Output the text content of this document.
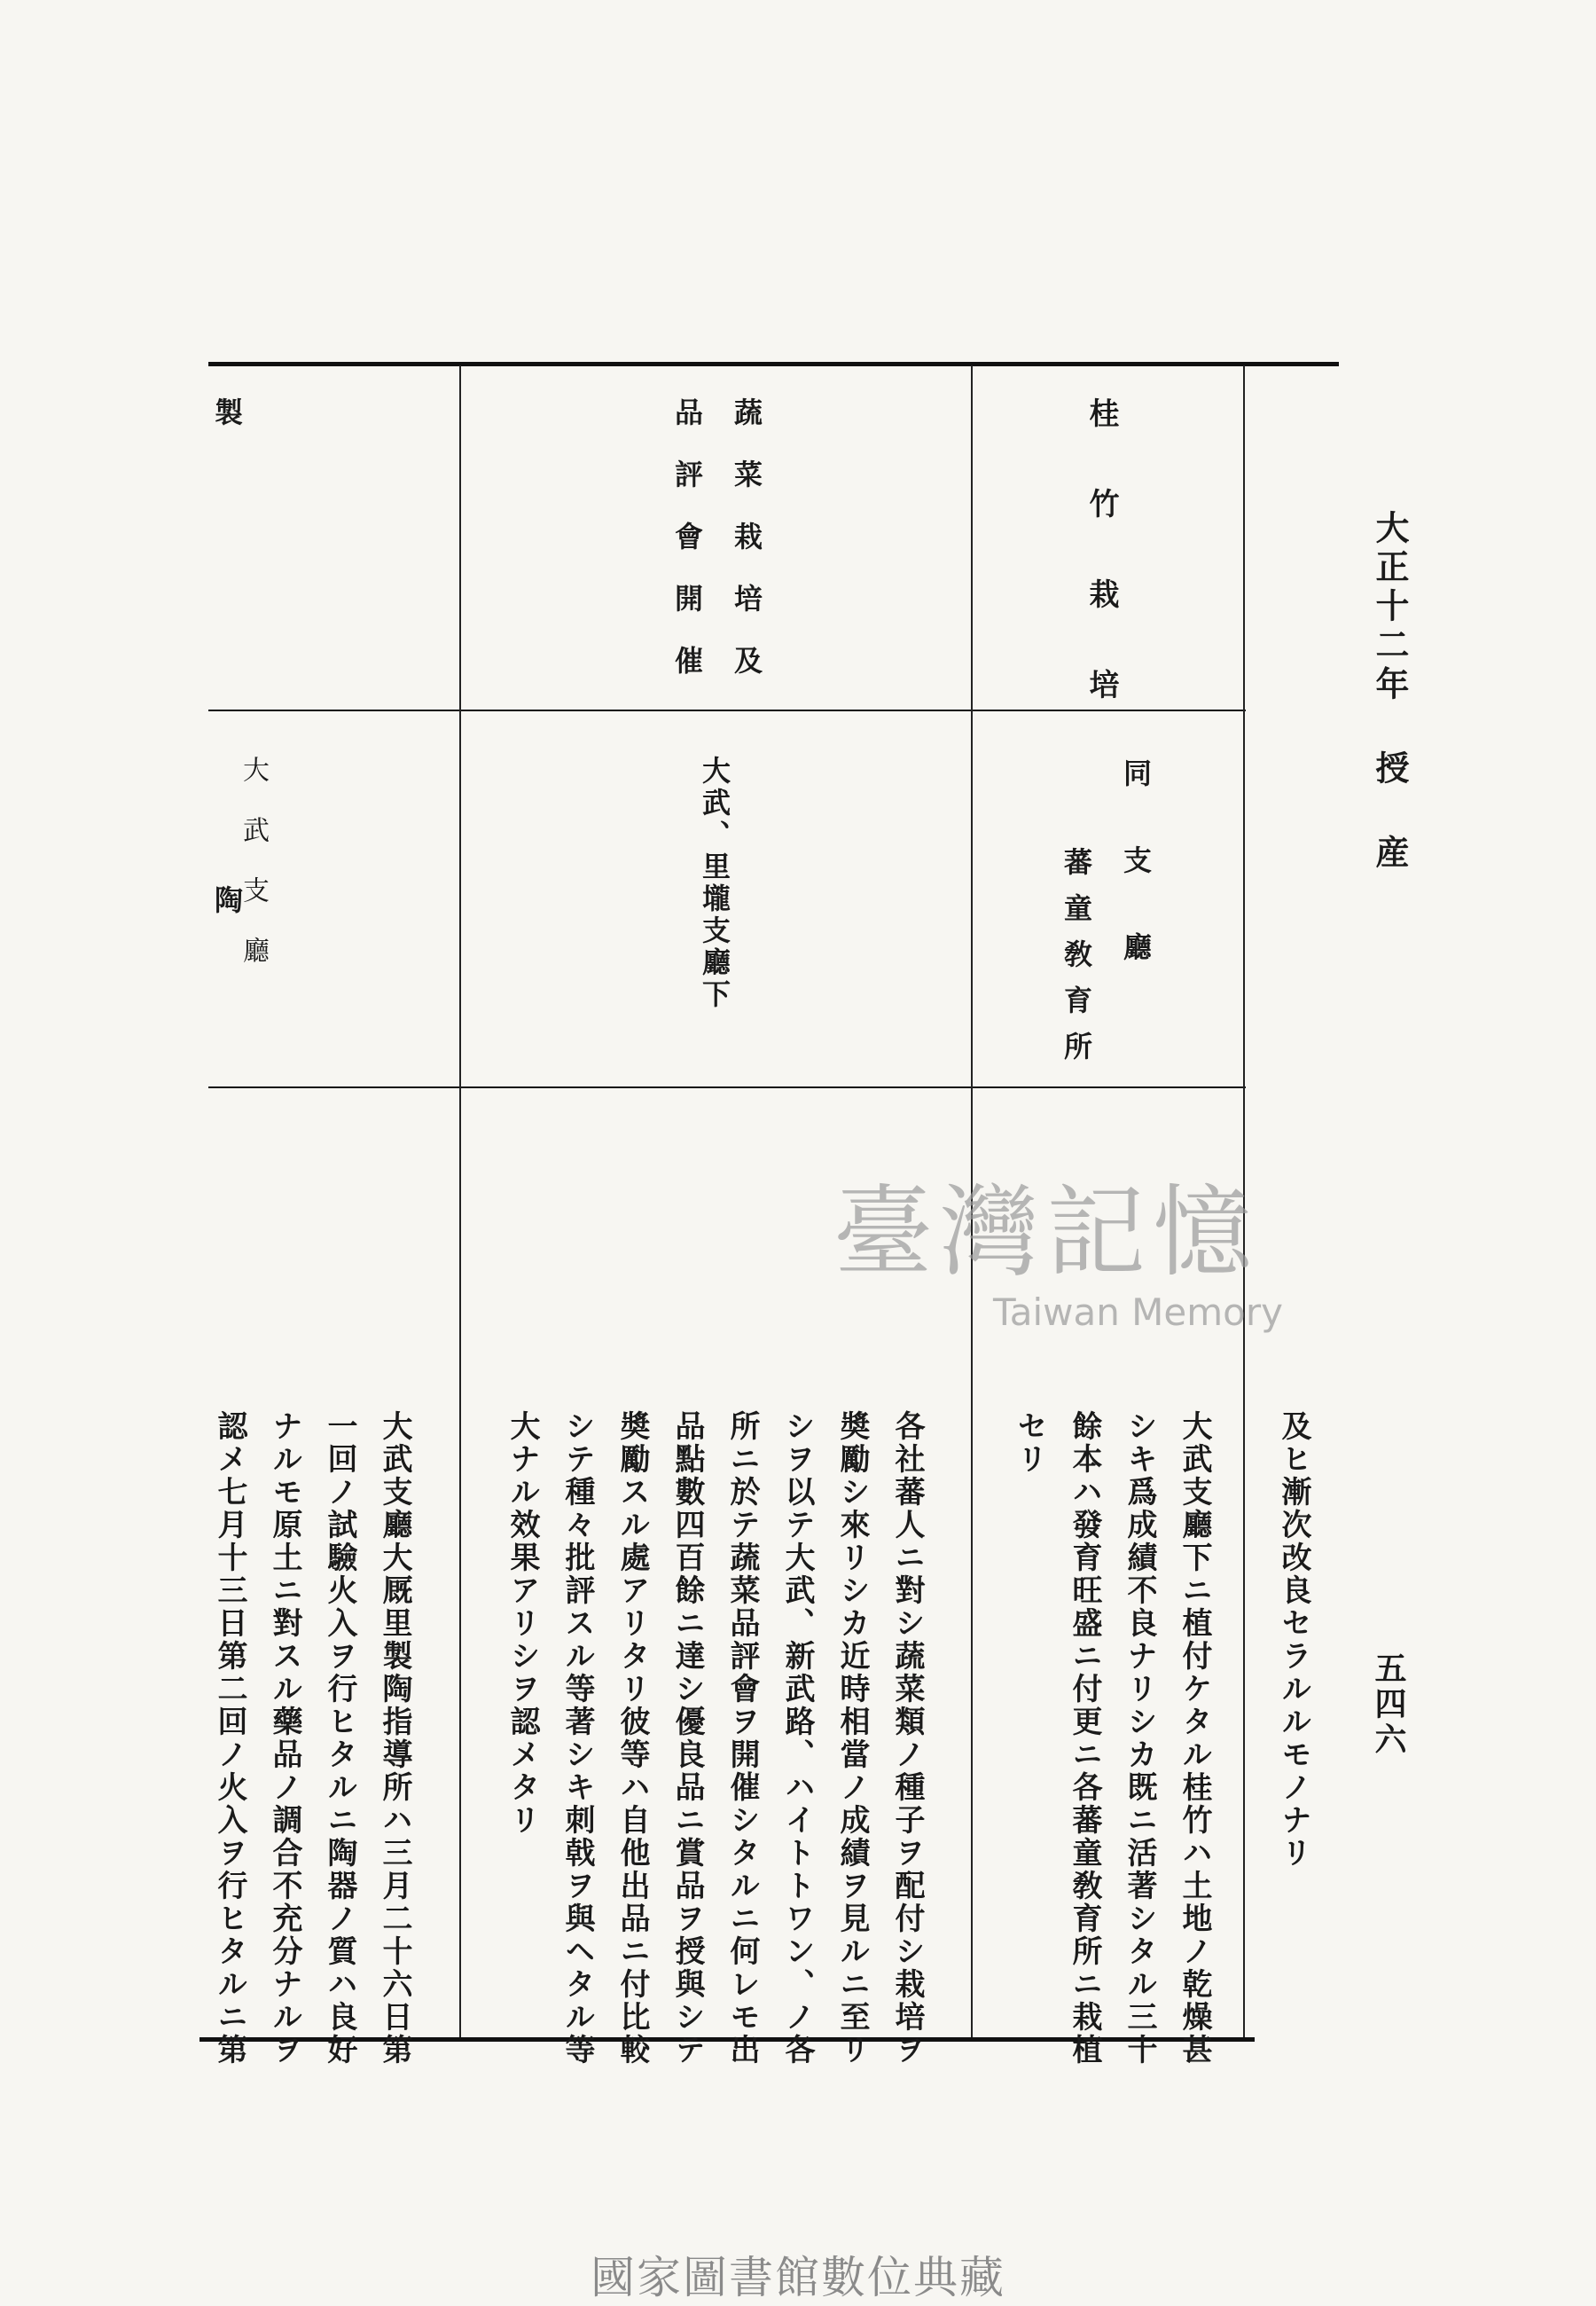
大正十二年 授 産
五四六
桂竹栽培
同 支 廳
蕃童敎育所
大武支廳下ニ植付ケタル桂竹ハ土地ノ乾燥甚
シキ爲成績不良ナリシカ既ニ活著シタル三十
餘本ハ發育旺盛ニ付更ニ各蕃童敎育所ニ栽植
セリ	及ヒ漸次改良セラルルモノナリ
蔬菜栽培及
品評會開催
大武、里壠支廳下
各社蕃人ニ對シ蔬菜類ノ種子ヲ配付シ栽培ヲ
奬勵シ來リシカ近時相當ノ成績ヲ見ルニ至リ
シヲ以テ大武、新武路、ハイトトワン、ノ各
所ニ於テ蔬菜品評會ヲ開催シタルニ何レモ出
品點數四百餘ニ達シ優良品ニ賞品ヲ授與シテ
奬勵スル處アリタリ彼等ハ自他出品ニ付比較
シテ種々批評スル等著シキ刺戟ヲ與ヘタル等
大ナル效果アリシヲ認メタリ
製 陶
大武支廳
大武支廳大厩里製陶指導所ハ三月二十六日第
一回ノ試驗火入ヲ行ヒタルニ陶器ノ質ハ良好
ナルモ原土ニ對スル藥品ノ調合不充分ナルヲ
認メ七月十三日第二回ノ火入ヲ行ヒタルニ第
臺灣記憶
Taiwan Memory
國家圖書館數位典藏
